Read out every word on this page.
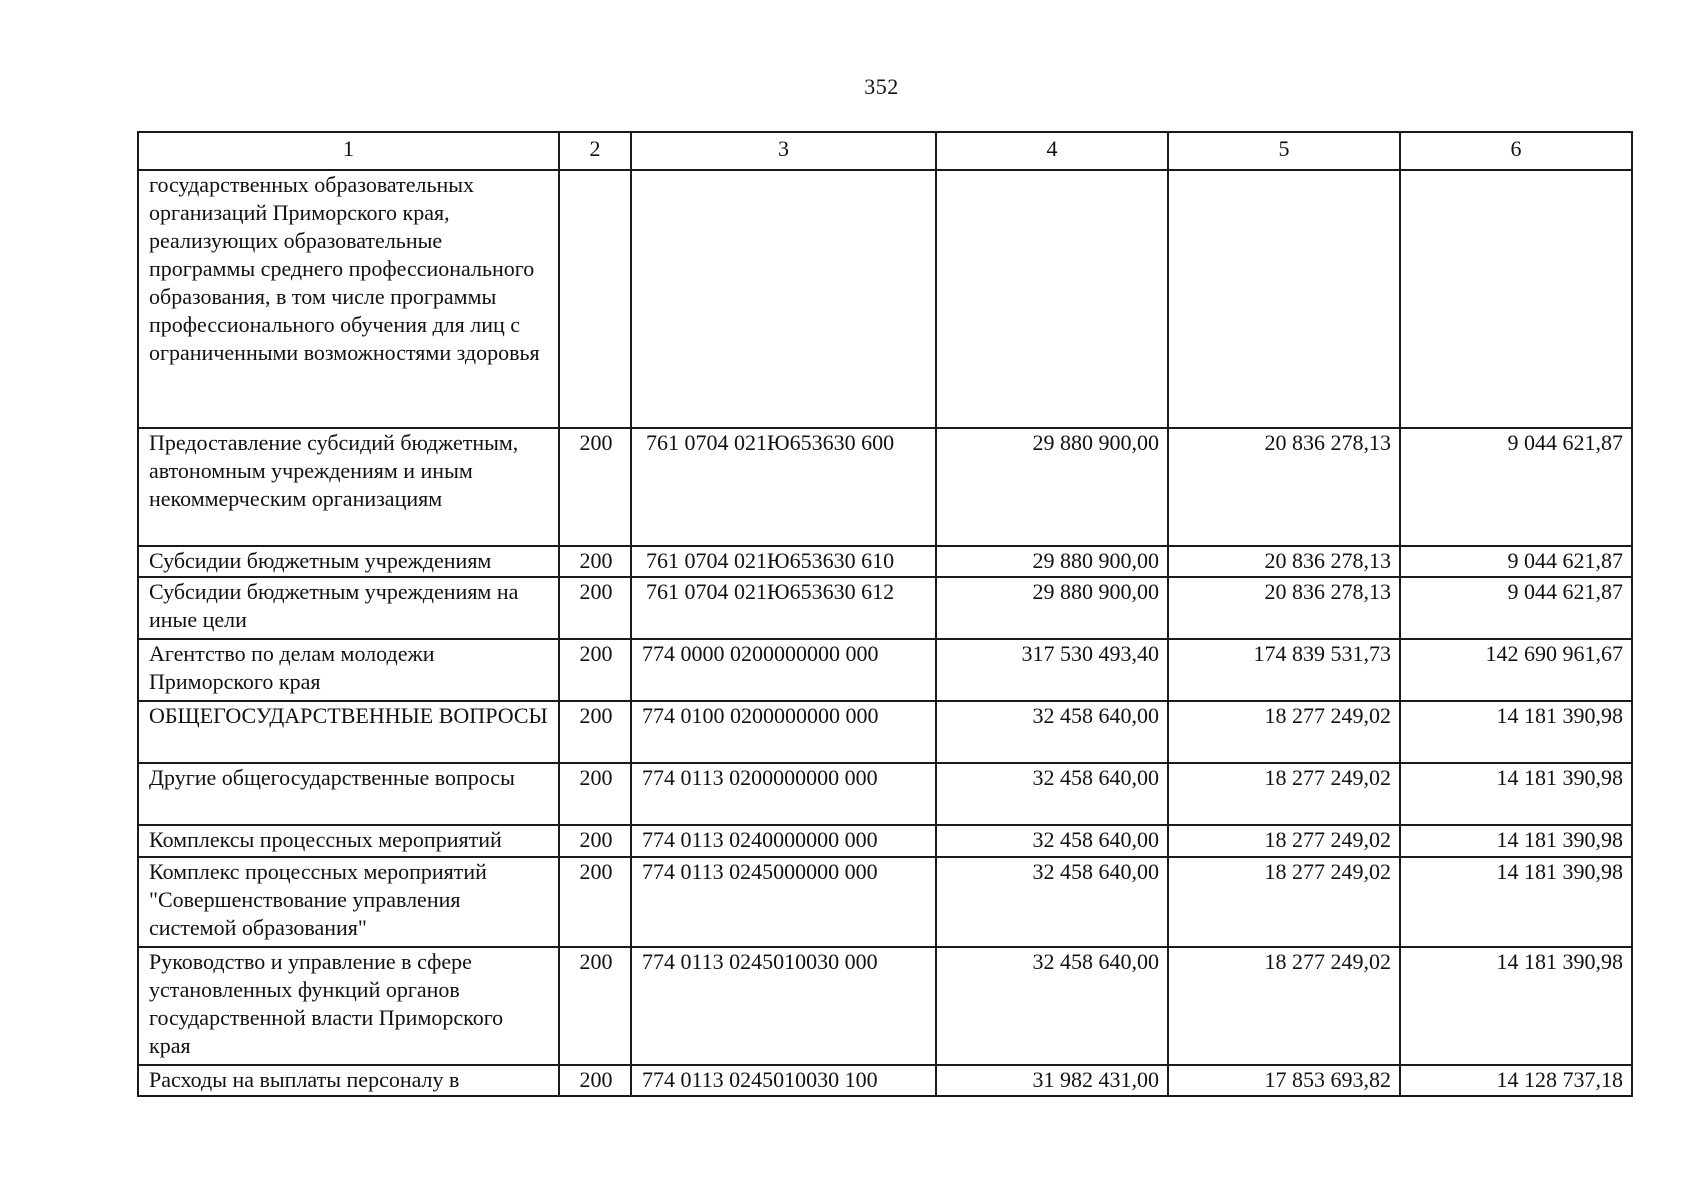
352
1	2	3	4	5	6
государственных образовательных организаций Приморского края, реализующих образовательные программы среднего профессионального образования, в том числе программы профессионального обучения для лиц с ограниченными возможностями здоровья					
Предоставление субсидий бюджетным, автономным учреждениям и иным некоммерческим организациям	200	761 0704 021Ю653630 600	29 880 900,00	20 836 278,13	9 044 621,87
Субсидии бюджетным учреждениям	200	761 0704 021Ю653630 610	29 880 900,00	20 836 278,13	9 044 621,87
Субсидии бюджетным учреждениям на иные цели	200	761 0704 021Ю653630 612	29 880 900,00	20 836 278,13	9 044 621,87
Агентство по делам молодежи Приморского края	200	774 0000 0200000000 000	317 530 493,40	174 839 531,73	142 690 961,67
ОБЩЕГОСУДАРСТВЕННЫЕ ВОПРОСЫ	200	774 0100 0200000000 000	32 458 640,00	18 277 249,02	14 181 390,98
Другие общегосударственные вопросы	200	774 0113 0200000000 000	32 458 640,00	18 277 249,02	14 181 390,98
Комплексы процессных мероприятий	200	774 0113 0240000000 000	32 458 640,00	18 277 249,02	14 181 390,98
Комплекс процессных мероприятий "Совершенствование управления системой образования"	200	774 0113 0245000000 000	32 458 640,00	18 277 249,02	14 181 390,98
Руководство и управление в сфере установленных функций органов государственной власти Приморского края	200	774 0113 0245010030 000	32 458 640,00	18 277 249,02	14 181 390,98
Расходы на выплаты персоналу в	200	774 0113 0245010030 100	31 982 431,00	17 853 693,82	14 128 737,18
